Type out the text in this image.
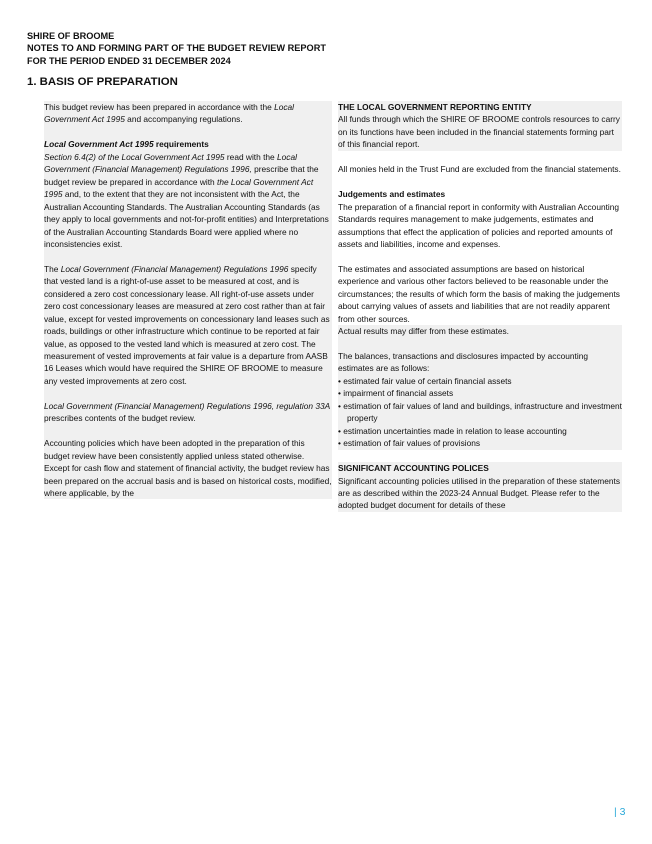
SHIRE OF BROOME
NOTES TO AND FORMING PART OF THE BUDGET REVIEW REPORT
FOR THE PERIOD ENDED 31 DECEMBER 2024
1. BASIS OF PREPARATION

This budget review has been prepared in accordance with the Local Government Act 1995 and accompanying regulations.

Local Government Act 1995 requirements

Section 6.4(2) of the Local Government Act 1995 read with the Local Government (Financial Management) Regulations 1996, prescribe that the budget review be prepared in accordance with the Local Government Act 1995 and, to the extent that they are not inconsistent with the Act, the Australian Accounting Standards. The Australian Accounting Standards (as they apply to local governments and not-for-profit entities) and Interpretations of the Australian Accounting Standards Board were applied where no inconsistencies exist.

The Local Government (Financial Management) Regulations 1996 specify that vested land is a right-of-use asset to be measured at cost, and is considered a zero cost concessionary lease. All right-of-use assets under zero cost concessionary leases are measured at zero cost rather than at fair value, except for vested improvements on concessionary land leases such as roads, buildings or other infrastructure which continue to be reported at fair value, as opposed to the vested land which is measured at zero cost. The measurement of vested improvements at fair value is a departure from AASB 16 Leases which would have required the SHIRE OF BROOME to measure any vested improvements at zero cost.

Local Government (Financial Management) Regulations 1996, regulation 33A prescribes contents of the budget review.

Accounting policies which have been adopted in the preparation of this budget review have been consistently applied unless stated otherwise. Except for cash flow and statement of financial activity, the budget review has been prepared on the accrual basis and is based on historical costs, modified, where applicable, by the

THE LOCAL GOVERNMENT REPORTING ENTITY

All funds through which the SHIRE OF BROOME controls resources to carry on its functions have been included in the financial statements forming part of this financial report.

All monies held in the Trust Fund are excluded from the financial statements.

Judgements and estimates

The preparation of a financial report in conformity with Australian Accounting Standards requires management to make judgements, estimates and assumptions that effect the application of policies and reported amounts of assets and liabilities, income and expenses.

The estimates and associated assumptions are based on historical experience and various other factors believed to be reasonable under the circumstances; the results of which form the basis of making the judgements about carrying values of assets and liabilities that are not readily apparent from other sources.

Actual results may differ from these estimates.

The balances, transactions and disclosures impacted by accounting estimates are as follows:

• estimated fair value of certain financial assets
• impairment of financial assets
• estimation of fair values of land and buildings, infrastructure and investment property
• estimation uncertainties made in relation to lease accounting
• estimation of fair values of provisions

SIGNIFICANT ACCOUNTING POLICES

Significant accounting policies utilised in the preparation of these statements are as described within the 2023-24 Annual Budget. Please refer to the adopted budget document for details of these

| 3
